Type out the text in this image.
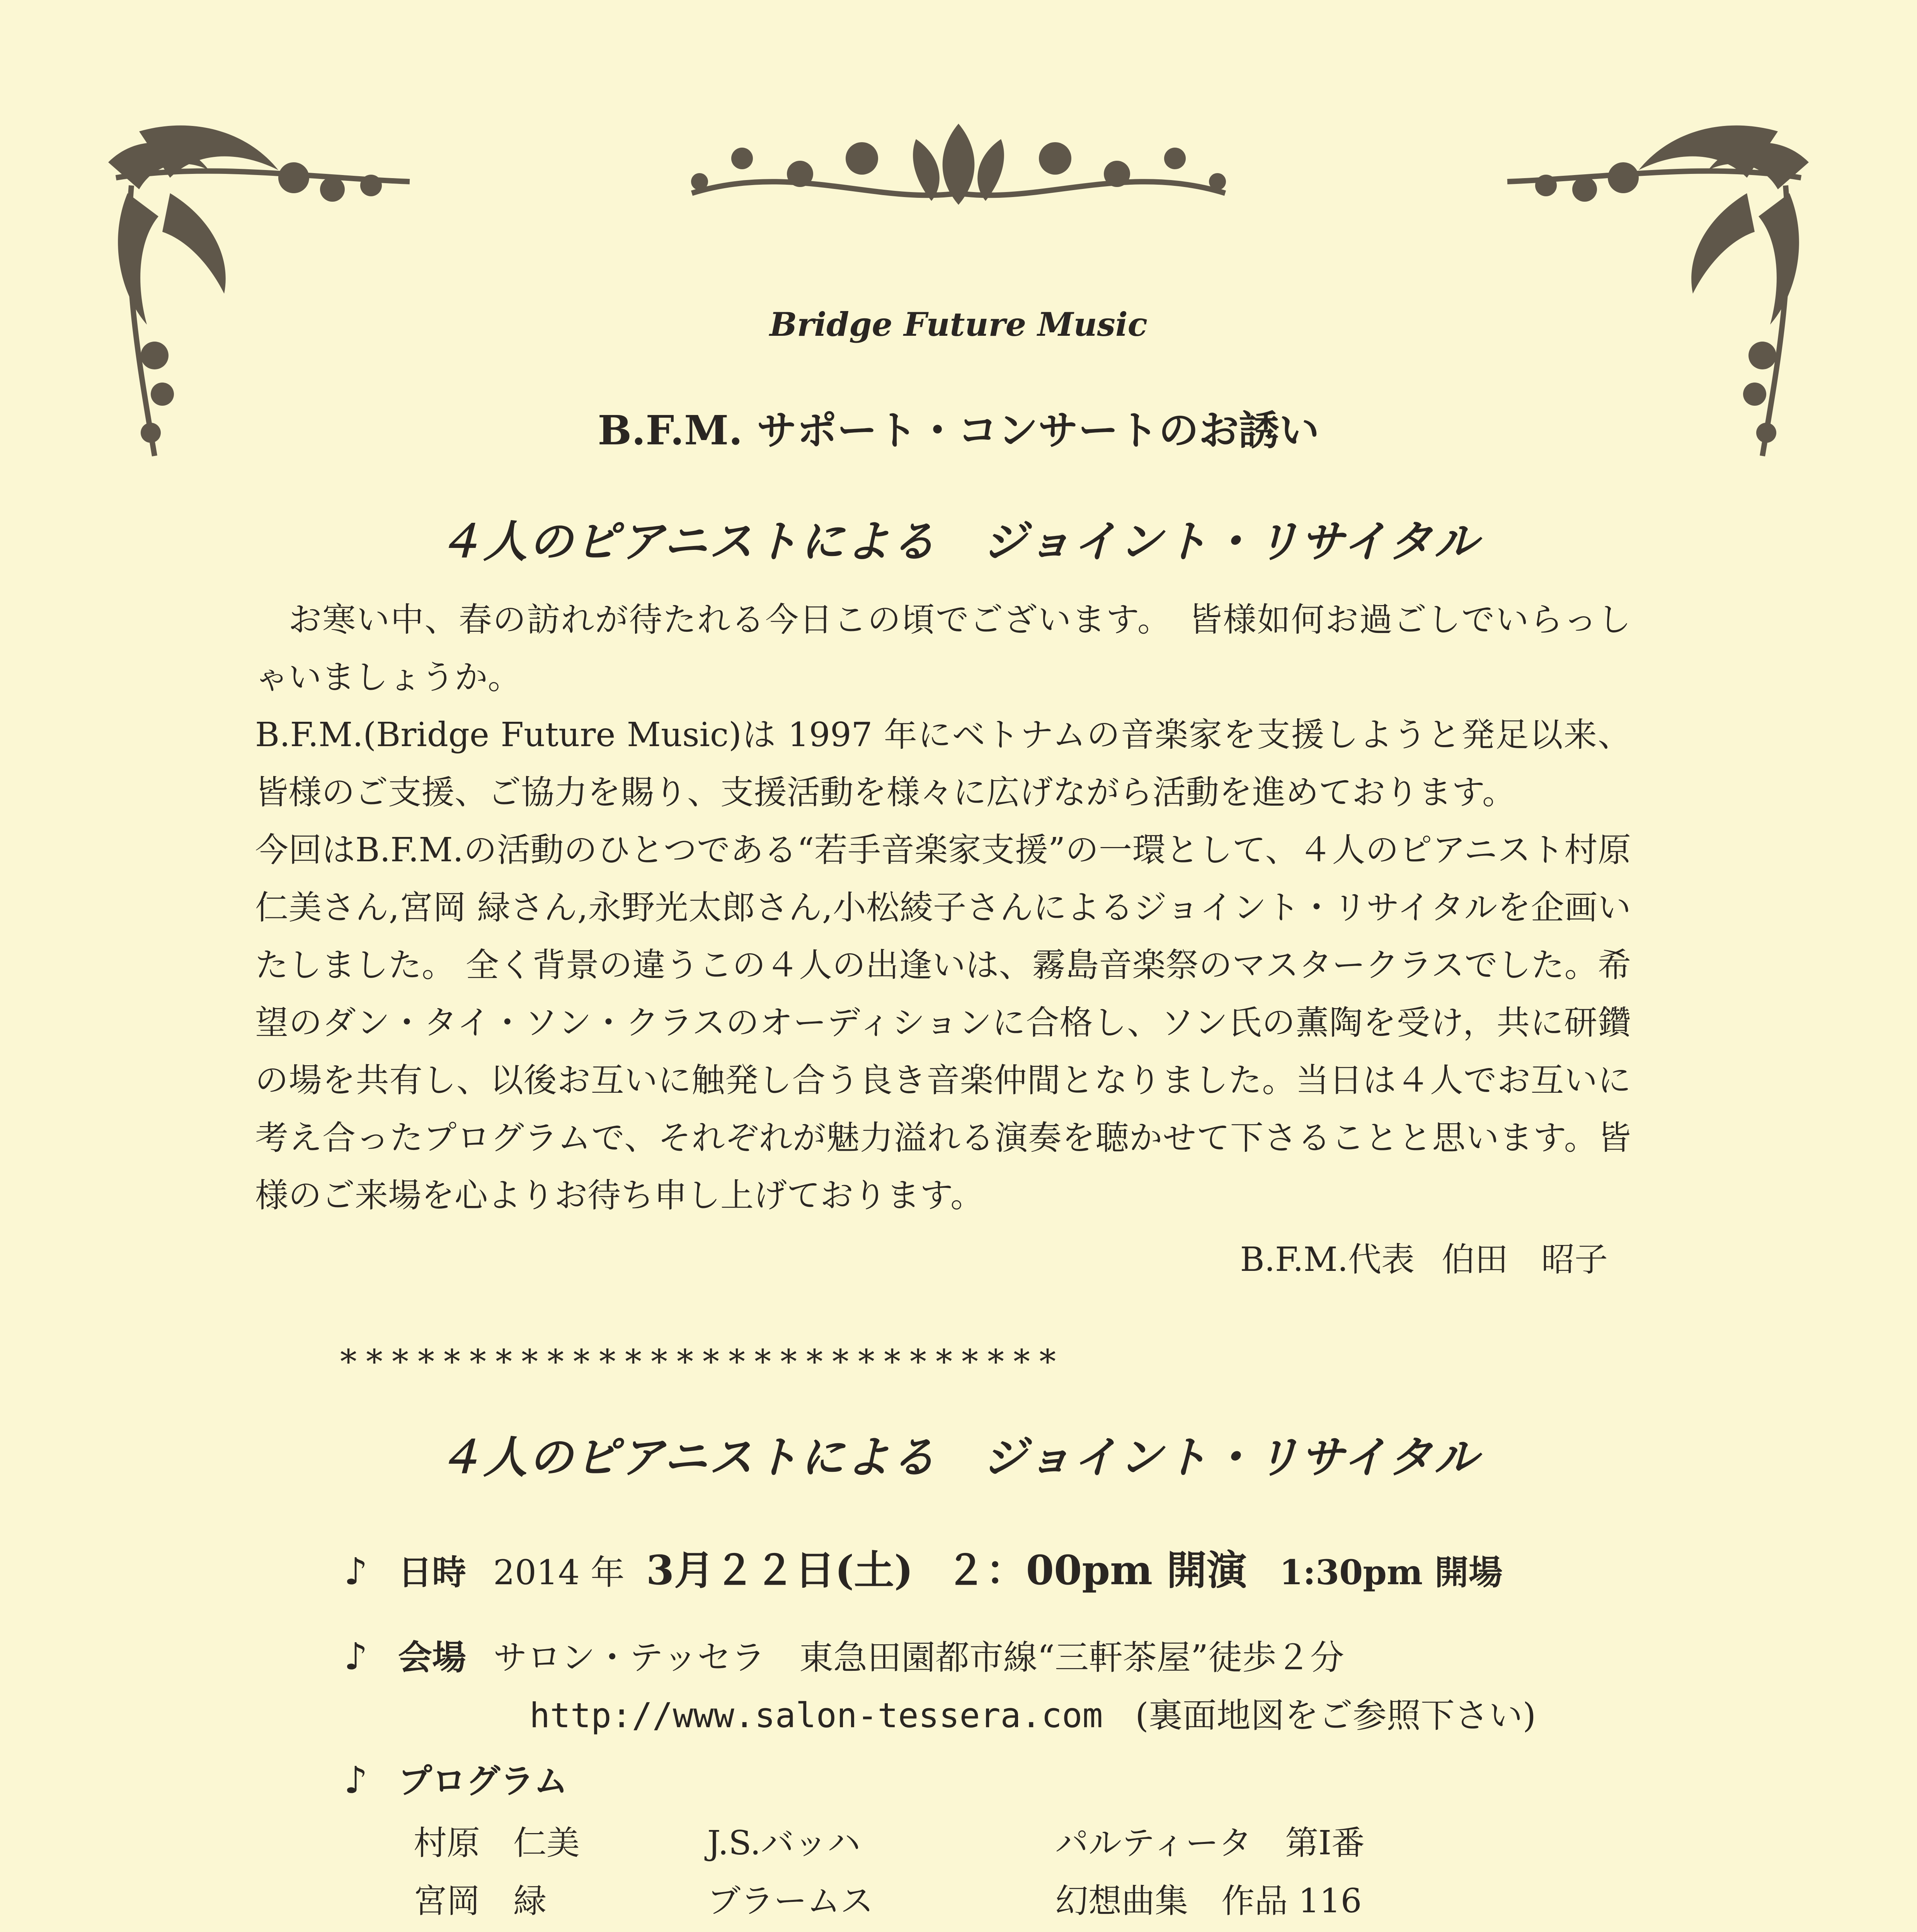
Bridge Future Music
B.F.M. サポート・コンサートのお誘い
４人のピアニストによる　ジョイント・リサイタル

お寒い中、春の訪れが待たれる今日この頃でございます。　皆様如何お過ごしでいらっしゃいましょうか。

B.F.M.(Bridge Future Music)は 1997 年にベトナムの音楽家を支援しようと発足以来、皆様のご支援、ご協力を賜り、支援活動を様々に広げながら活動を進めております。

今回はB.F.M.の活動のひとつである“若手音楽家支援”の一環として、４人のピアニスト村原仁美さん,宮岡 緑さん,永野光太郎さん,小松綾子さんによるジョイント・リサイタルを企画いたしました。 全く背景の違うこの４人の出逢いは、霧島音楽祭のマスタークラスでした。希望のダン・タイ・ソン・クラスのオーディションに合格し、ソン氏の薫陶を受け，共に研鑽の場を共有し、以後お互いに触発し合う良き音楽仲間となりました。当日は４人でお互いに考え合ったプログラムで、それぞれが魅力溢れる演奏を聴かせて下さることと思います。皆様のご来場を心よりお待ち申し上げております。

B.F.M.代表 伯田　昭子
****************************
４人のピアニストによる　ジョイント・リサイタル
♪ 日時 2014 年 3月２２日(土) ２：00pm 開演 1:30pm 開場
♪ 会場 サロン・テッセラ　東急田園都市線“三軒茶屋”徒歩２分
http://www.salon-tessera.com (裏面地図をご参照下さい)
♪ プログラム
村原　仁美	J.S.バッハ	パルティータ　第Ⅰ番
宮岡　緑	ブラームス	幻想曲集　作品 116
